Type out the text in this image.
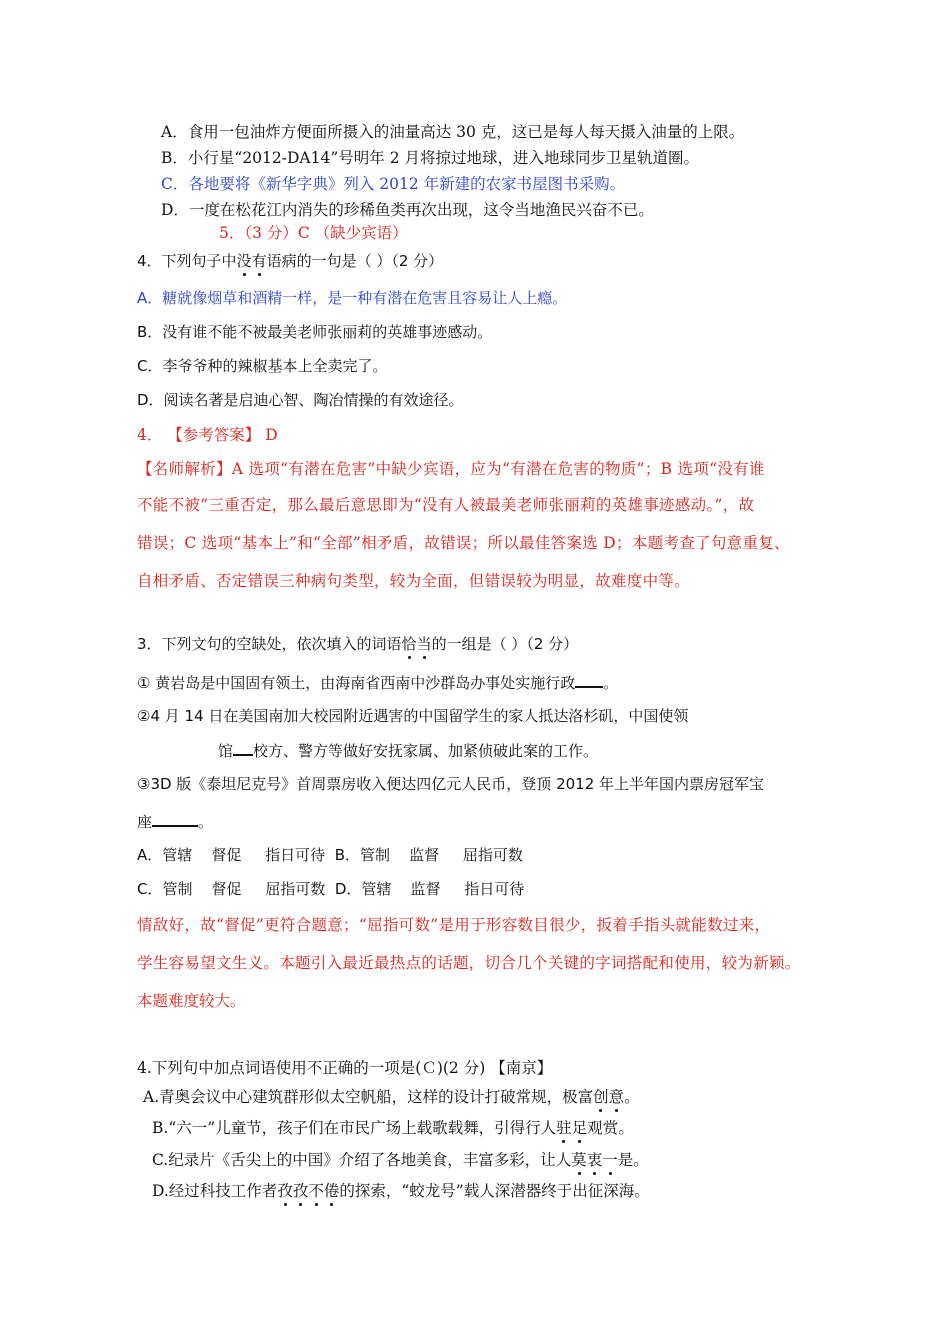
A．食用一包油炸方便面所摄入的油量高达 30 克，这已是每人每天摄入油量的上限。
B．小行星“2012-DA14”号明年 2 月将掠过地球，进入地球同步卫星轨道圈。
C．各地要将《新华字典》列入 2012 年新建的农家书屋图书采购。
D．一度在松花江内消失的珍稀鱼类再次出现，这令当地渔民兴奋不已。
5．（3 分）C （缺少宾语）
4．下列句子中没有语病的一句是（ ）（2 分）
A．糖就像烟草和酒精一样，是一种有潜在危害且容易让人上瘾。
B．没有谁不能不被最美老师张丽莉的英雄事迹感动。
C．李爷爷种的辣椒基本上全卖完了。
D．阅读名著是启迪心智、陶冶情操的有效途径。
4． 【参考答案】 D
【名师解析】A 选项“有潜在危害”中缺少宾语，应为“有潜在危害的物质”；B 选项“没有谁
不能不被”三重否定，那么最后意思即为“没有人被最美老师张丽莉的英雄事迹感动。”，故
错误；C 选项“基本上”和“全部”相矛盾，故错误；所以最佳答案选 D；本题考查了句意重复、
自相矛盾、否定错误三种病句类型，较为全面，但错误较为明显，故难度中等。
3．下列文句的空缺处，依次填入的词语恰当的一组是（ ）（2 分）
① 黄岩岛是中国固有领土，由海南省西南中沙群岛办事处实施行政 。
②4 月 14 日在美国南加大校园附近遇害的中国留学生的家人抵达洛杉矶，中国使领
馆 校方、警方等做好安抚家属、加紧侦破此案的工作。
③3D 版《泰坦尼克号》首周票房收入便达四亿元人民币，登顶 2012 年上半年国内票房冠军宝
座	。
A．管辖    督促     指日可待  B．管制    监督     屈指可数
C．管制    督促     屈指可数  D．管辖    监督     指日可待
情敌好，故“督促”更符合题意；“屈指可数”是用于形容数目很少，扳着手指头就能数过来，
学生容易望文生义。本题引入最近最热点的话题，切合几个关键的字词搭配和使用，较为新颖。
本题难度较大。
4.下列句中加点词语使用不正确的一项是(Ｃ)(2 分) 【南京】
A.青奥会议中心建筑群形似太空帆船，这样的设计打破常规，极富创意。
B.“六一”儿童节，孩子们在市民广场上载歌载舞，引得行人驻足观赏。
C.纪录片《舌尖上的中国》介绍了各地美食，丰富多彩，让人莫衷一是。
D.经过科技工作者孜孜不倦的探索，“蛟龙号”载人深潜器终于出征深海。
